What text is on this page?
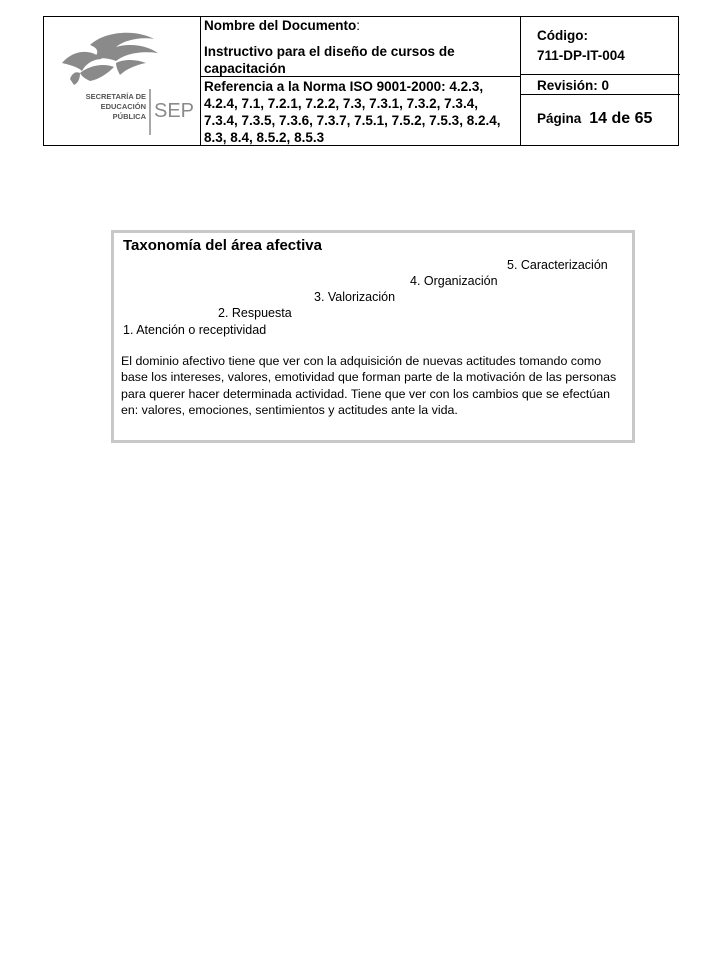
SECRETARÍA DE
EDUCACIÓN
PÚBLICA SEP
Nombre del Documento:
Instructivo para el diseño de cursos de capacitación
Referencia a la Norma ISO 9001-2000: 4.2.3, 4.2.4, 7.1, 7.2.1, 7.2.2, 7.3, 7.3.1, 7.3.2, 7.3.4, 7.3.4, 7.3.5, 7.3.6, 7.3.7, 7.5.1, 7.5.2, 7.5.3, 8.2.4, 8.3, 8.4, 8.5.2, 8.5.3
Código:
711-DP-IT-004
Revisión: 0
Página 14 de 65
Taxonomía del área afectiva
5. Caracterización
4. Organización
3. Valorización
2. Respuesta
1. Atención o receptividad
El dominio afectivo tiene que ver con la adquisición de nuevas actitudes tomando como base los intereses, valores, emotividad que forman parte de la motivación de las personas para querer hacer determinada actividad. Tiene que ver con los cambios que se efectúan en: valores, emociones, sentimientos y actitudes ante la vida.
